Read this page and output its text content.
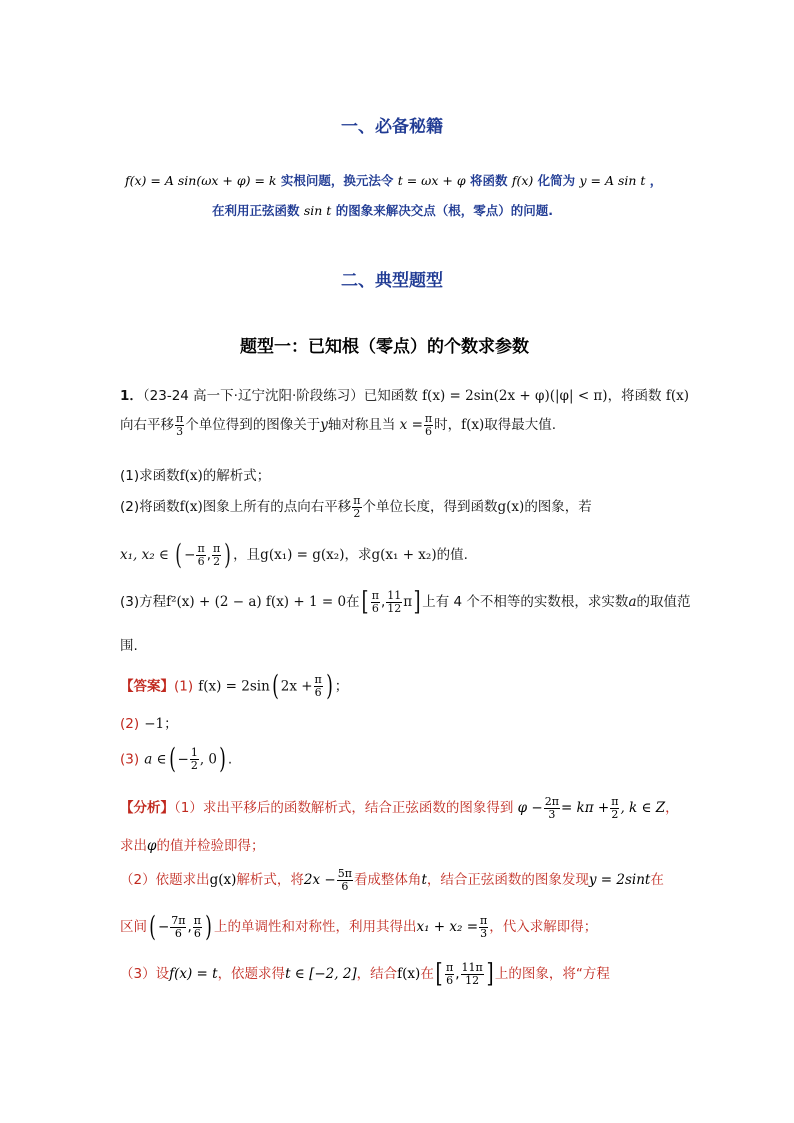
一、必备秘籍
f(x) = A sin(ωx + φ) = k 实根问题，换元法令 t = ωx + φ 将函数 f(x) 化简为 y = A sin t ，
在利用正弦函数 sin t 的图象来解决交点（根，零点）的问题.
二、典型题型
题型一：已知根（零点）的个数求参数
1．（23-24 高一下·辽宁沈阳·阶段练习）已知函数 f(x) = 2sin(2x + φ)(|φ| < π)，将函数 f(x)
向右平移 $\frac{\pi}{3}$ 个单位得到的图像关于y轴对称且当 $x = \frac{\pi}{6}$ 时，f(x)取得最大值.
(1)求函数f(x)的解析式；
(2)将函数f(x)图象上所有的点向右平移 $\frac{\pi}{2}$ 个单位长度，得到函数g(x)的图象，若
x₁, x₂ ∈ ( − $\frac{\pi}{6}$ , $\frac{\pi}{2}$ ) ，且g(x₁) = g(x₂)，求g(x₁ + x₂)的值.
(3)方程f²(x) + (2 − a) f(x) + 1 = 0在[ $\frac{\pi}{6}$ , $\frac{11}{12} \pi$] 上有 4 个不相等的实数根，求实数a的取值范
围.
【答案】(1) f(x) = 2sin( $2x + \frac{\pi}{6}$ ) ；
(2) −1；
(3) a ∈( − $\frac{1}{2}$ , 0) .
【分析】（1）求出平移后的函数解析式，结合正弦函数的图象得到 $\varphi - \frac{2\pi}{3} = k\pi + \frac{\pi}{2}$ , k ∈ Z，
求出φ的值并检验即得；
（2）依题求出g(x)解析式，将$2x - \frac{5\pi}{6}$ 看成整体角t，结合正弦函数的图象发现y = 2sint在
区间( − $\frac{7\pi}{6}$ , $\frac{\pi}{6}$ ) 上的单调性和对称性，利用其得出$x_1 + x_2 = \frac{\pi}{3}$ ，代入求解即得；
（3）设f(x) = t，依题求得t ∈ [−2, 2]，结合f(x)在[ $\frac{\pi}{6}$ , $\frac{11\pi}{12}$ ] 上的图象，将“方程
